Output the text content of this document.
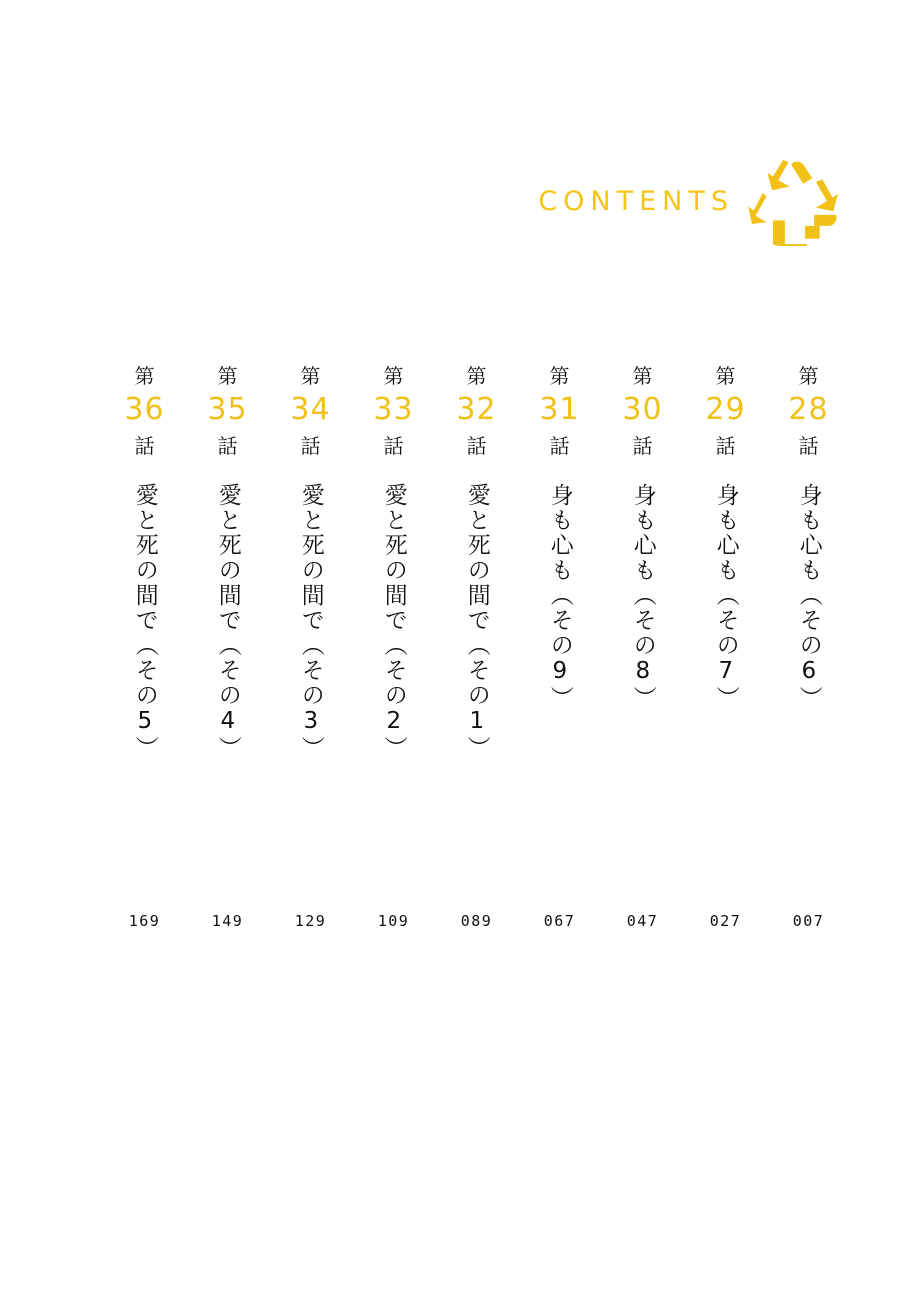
CONTENTS
第
28
話
身も心も（その6）
第
29
話
身も心も（その7）
第
30
話
身も心も（その8）
第
31
話
身も心も（その9）
第
32
話
愛と死の間で（その1）
第
33
話
愛と死の間で（その2）
第
34
話
愛と死の間で（その3）
第
35
話
愛と死の間で（その4）
第
36
話
愛と死の間で（その5）
007
027
047
067
089
109
129
149
169
